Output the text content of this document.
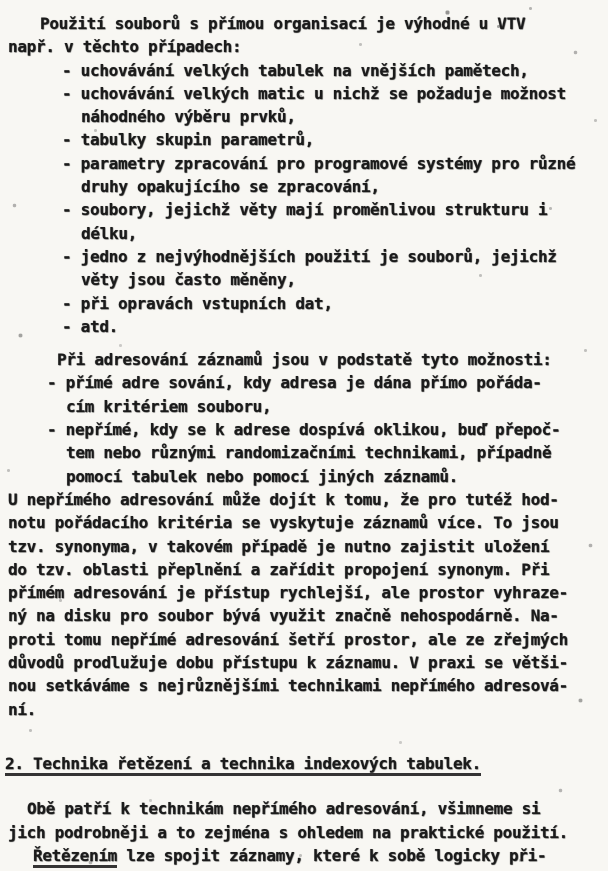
Použití souborů s přímou organisací je výhodné u VTV
např. v těchto případech:
- uchovávání velkých tabulek na vnějších pamětech,
- uchovávání velkých matic u nichž se požaduje možnost
náhodného výběru prvků,
- tabulky skupin parametrů,
- parametry zpracování pro programové systémy pro různé
druhy opakujícího se zpracování,
- soubory, jejichž věty mají proměnlivou strukturu i
délku,
- jedno z nejvýhodnějších použití je souborů, jejichž
věty jsou často měněny,
- při opravách vstupních dat,
- atd.
Při adresování záznamů jsou v podstatě tyto možnosti:
- přímé adre sování, kdy adresa je dána přímo pořáda-
cím kritériem souboru,
- nepřímé, kdy se k adrese dospívá oklikou, buď přepoč-
tem nebo různými randomizačními technikami, případně
pomocí tabulek nebo pomocí jiných záznamů.
U nepřímého adresování může dojít k tomu, že pro tutéž hod-
notu pořádacího kritéria se vyskytuje záznamů více. To jsou
tzv. synonyma, v takovém případě je nutno zajistit uložení
do tzv. oblasti přeplnění a zařídit propojení synonym. Při
přímém adresování je přístup rychlejší, ale prostor vyhraze-
ný na disku pro soubor bývá využit značně nehospodárně. Na-
proti tomu nepřímé adresování šetří prostor, ale ze zřejmých
důvodů prodlužuje dobu přístupu k záznamu. V praxi se větši-
nou setkáváme s nejrůznějšími technikami nepřímého adresová-
ní.
2. Technika řetězení a technika indexových tabulek.
Obě patří k technikám nepřímého adresování, všimneme si
jich podrobněji a to zejména s ohledem na praktické použití.
Řetězením lze spojit záznamy, které k sobě logicky při-
